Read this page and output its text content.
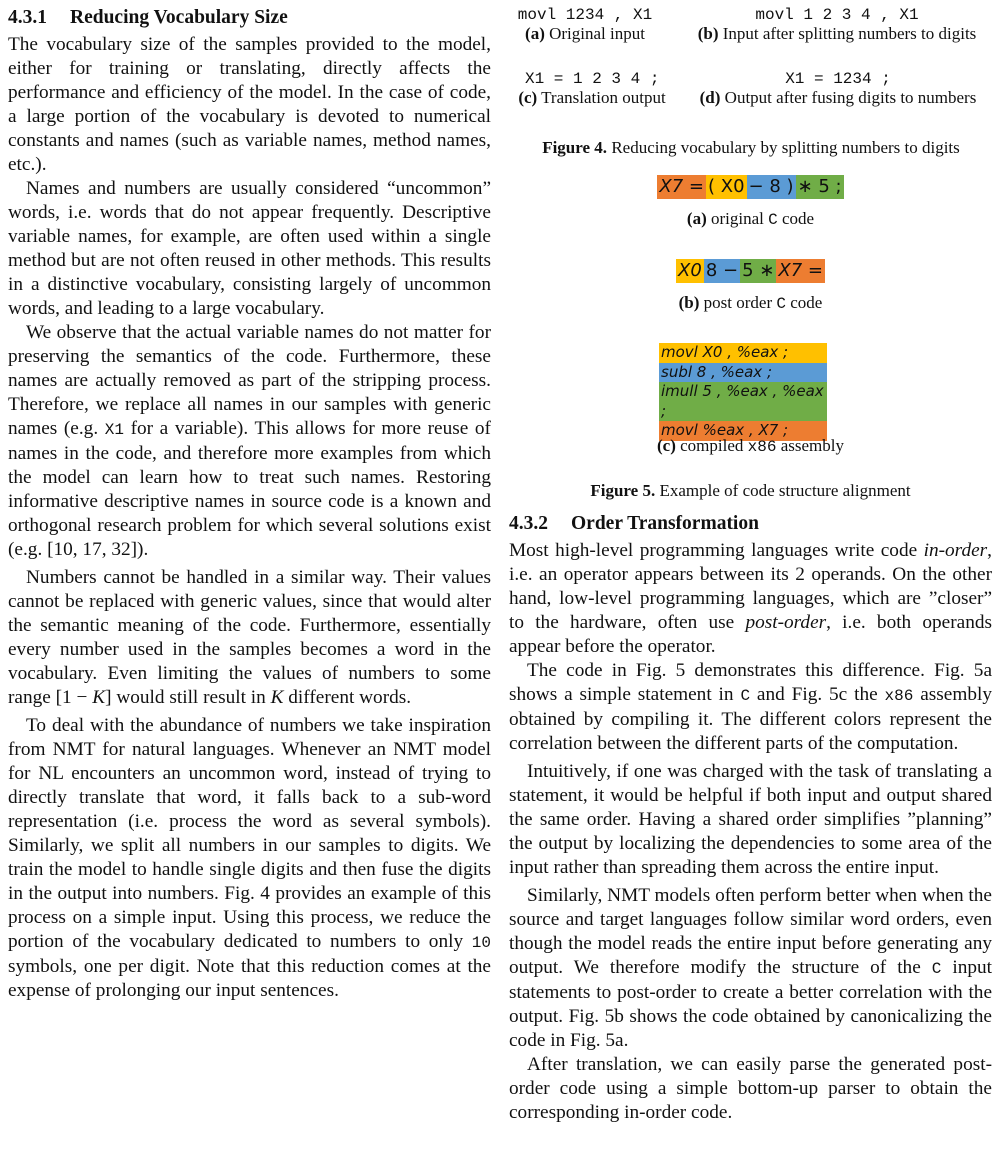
4.3.1 Reducing Vocabulary Size

The vocabulary size of the samples provided to the model, either for training or translating, directly affects the performance and efficiency of the model. In the case of code, a large portion of the vocabulary is devoted to numerical constants and names (such as variable names, method names, etc.).

Names and numbers are usually considered “uncommon” words, i.e. words that do not appear frequently. Descriptive variable names, for example, are often used within a single method but are not often reused in other methods. This results in a distinctive vocabulary, consisting largely of uncommon words, and leading to a large vocabulary.

We observe that the actual variable names do not matter for preserving the semantics of the code. Furthermore, these names are actually removed as part of the stripping process. Therefore, we replace all names in our samples with generic names (e.g. X1 for a variable). This allows for more reuse of names in the code, and therefore more examples from which the model can learn how to treat such names. Restoring informative descriptive names in source code is a known and orthogonal research problem for which several solutions exist (e.g. [10, 17, 32]).

Numbers cannot be handled in a similar way. Their values cannot be replaced with generic values, since that would alter the semantic meaning of the code. Furthermore, essentially every number used in the samples becomes a word in the vocabulary. Even limiting the values of numbers to some range [1 − K] would still result in K different words.

To deal with the abundance of numbers we take inspiration from NMT for natural languages. Whenever an NMT model for NL encounters an uncommon word, instead of trying to directly translate that word, it falls back to a sub-word representation (i.e. process the word as several symbols). Similarly, we split all numbers in our samples to digits. We train the model to handle single digits and then fuse the digits in the output into numbers. Fig. 4 provides an example of this process on a simple input. Using this process, we reduce the portion of the vocabulary dedicated to numbers to only 10 symbols, one per digit. Note that this reduction comes at the expense of prolonging our input sentences.

movl 1234 , X1
(a) Original input
movl 1 2 3 4 , X1
(b) Input after splitting numbers to digits
X1 = 1 2 3 4 ;
(c) Translation output
X1 = 1234 ;
(d) Output after fusing digits to numbers
Figure 4. Reducing vocabulary by splitting numbers to digits
X7 = ( X0 − 8 ) ∗ 5 ;
(a) original C code
X0 8 − 5 ∗ X7 =
(b) post order C code
movl X0 , %eax ;
subl 8 , %eax ;
imull 5 , %eax , %eax ;
movl %eax , X7 ;
(c) compiled x86 assembly
Figure 5. Example of code structure alignment
4.3.2 Order Transformation

Most high-level programming languages write code in-order, i.e. an operator appears between its 2 operands. On the other hand, low-level programming languages, which are ”closer” to the hardware, often use post-order, i.e. both operands appear before the operator.

The code in Fig. 5 demonstrates this difference. Fig. 5a shows a simple statement in C and Fig. 5c the x86 assembly obtained by compiling it. The different colors represent the correlation between the different parts of the computation.

Intuitively, if one was charged with the task of translating a statement, it would be helpful if both input and output shared the same order. Having a shared order simplifies ”planning” the output by localizing the dependencies to some area of the input rather than spreading them across the entire input.

Similarly, NMT models often perform better when when the source and target languages follow similar word orders, even though the model reads the entire input before generating any output. We therefore modify the structure of the C input statements to post-order to create a better correlation with the output. Fig. 5b shows the code obtained by canonicalizing the code in Fig. 5a.

After translation, we can easily parse the generated post-order code using a simple bottom-up parser to obtain the corresponding in-order code.
